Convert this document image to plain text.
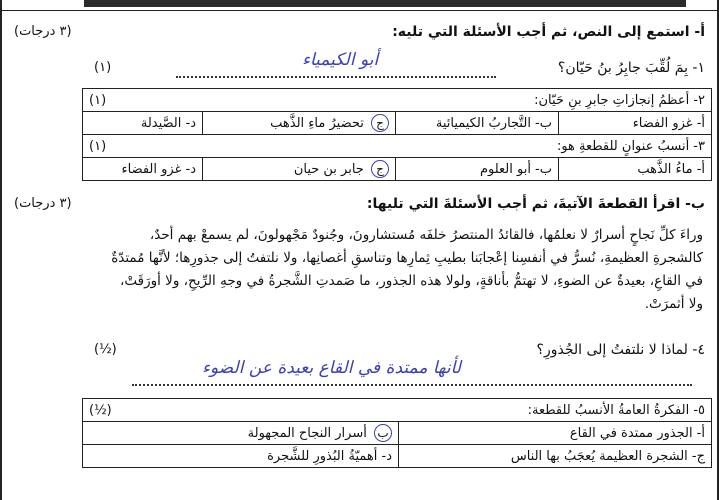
أ- استمع إلى النص، ثم أجب الأسئلة التي تليه:
(٣ درجات)
١- بِمَ لُقِّبَ جابِرُ بنُ حَيّان؟
أبو الكيمياء
(١)
٢- أعظمُ إنجازاتِ جابرِ بنِ حَيّان:
(١)			

أ- غزو الفضاء	ب- التَّجاربُ الكيميائية	ج تحضيرُ ماءِ الذَّهب	د- الصَّيدلة
٣- أنسبُ عنوانٍ للقطعةِ هو:
(١)			

أ- ماءُ الذَّهب	ب- أبو العلوم	ج جابر بن حيان	د- غزو الفضاء
ب- اقرأ القطعةَ الآتيةَ، ثم أجب الأسئلةَ التي تليها:
(٣ درجات)

وراءَ كلِّ نَجاحٍ أسرارٌ لا نعلمُها، فالقائدُ المنتصرُ خلفَه مُستشارونَ، وجُنودٌ مَجْهولونَ، لم يسمعْ بهم أحدٌ،

كالشجرةِ العظيمةِ، نُسرُّ في أنفسِنا إعْجابَنا بطيبِ ثِمارِها وتناسقِ أغصانِها، ولا نلتفتُ إلى جذورِها؛ لأنَّها مُمتدّةٌ

في القاعِ، بعيدةٌ عن الضوءِ، لا تهتمُّ بأناقةٍ، ولولا هذه الجذور، ما صَمدتِ الشَّجرةُ في وجهِ الرِّيحِ، ولا أورَقَتْ،

ولا أثمرَتْ.

٤- لماذا لا نلتفتُ إلى الجُذورِ؟
(½)
لأنها ممتدة في القاع بعيدة عن الضوء
٥- الفكرةُ العامةُ الأنسبُ للقطعة:
(½)	

أ- الجذور ممتدة في القاع	ب أسرار النجاح المجهولة
ج- الشجرة العظيمة يُعجَبُ بها الناس	د- أهميّةُ البُذورِ للشَّجرة
